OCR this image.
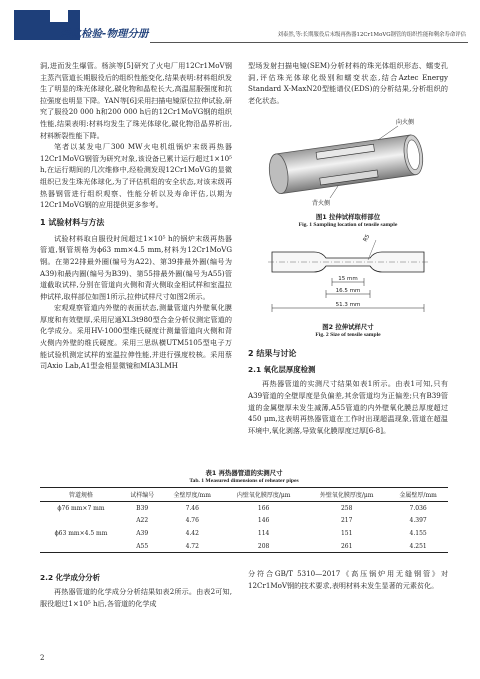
理化检验-物理分册	刘泰然,等:长期服役后末级再热器12Cr1MoVG钢管的组织性能和剩余寿命评估

洞,进而发生爆管。杨滨等[5]研究了火电厂用12Cr1MoV钢主蒸汽管道长期服役后的组织性能变化,结果表明:材料组织发生了明显的珠光体球化,碳化物和晶粒长大,高温屈服强度和抗拉强度也明显下降。YAN等[6]采用扫描电镜原位拉伸试验,研究了服役20 000 h和200 000 h后的12Cr1MoVG钢的组织性能,结果表明:材料均发生了珠光体球化,碳化物沿晶界析出,材料断裂性能下降。

笔者以某发电厂300 MW火电机组锅炉末级再热器12Cr1MoVG钢管为研究对象,该设备已累计运行超过1×10⁵ h,在运行期间的几次维修中,经检测发现12Cr1MoVG的显微组织已发生珠光体球化,为了评估机组的安全状态,对该末级再热器钢管进行组织观察、性能分析以及寿命评估,以期为12Cr1MoVG钢的应用提供更多参考。

1 试验材料与方法

试验材料取自服役时间超过1×10⁵ h的锅炉末级再热器管道,钢管规格为ϕ63 mm×4.5 mm,材料为12Cr1MoVG钢。在第22排最外圈(编号为A22)、第39排最外圈(编号为A39)和最内圈(编号为B39)、第55排最外圈(编号为A55)管道截取试样,分别在管道向火侧和背火侧取金相试样和室温拉伸试样,取样部位如图1所示,拉伸试样尺寸如图2所示。

宏观观察管道内外壁的表面状态,测量管道内外壁氧化膜厚度和有效壁厚,采用尼通XL3t980型合金分析仪测定管道的化学成分。采用HV-1000型维氏硬度计测量管道向火侧和背火侧内外壁的维氏硬度。采用三思纵横UTM5105型电子万能试验机测定试样的室温拉伸性能,并进行强度校核。采用蔡司Axio Lab,A1型金相显微镜和MIA3LMH

型场发射扫描电镜(SEM)分析材料的珠光体组织形态、蠕变孔洞,评估珠光体球化级别和蠕变状态,结合Aztec Energy Standard X-MaxN20型能谱仪(EDS)的分析结果,分析组织的老化状态。

向火侧
背火侧

图1 拉伸试样取样部位

Fig. 1 Sampling location of tensile sample

R5
15 mm
16.5 mm
51.3 mm

图2 拉伸试样尺寸

Fig. 2 Size of tensile sample

2 结果与讨论
2.1 氧化层厚度检测

再热器管道的实测尺寸结果如表1所示。由表1可知,只有A39管道的全壁厚度是负偏差,其余管道均为正偏差;只有B39管道的金属壁厚未发生减薄,A55管道的内外壁氧化膜总厚度超过450 μm,这表明再热器管道在工作时出现超温现象,管道在超温环境中,氧化剥落,导致氧化膜厚度过厚[6-8]。

表1 再热器管道的实测尺寸

Tab. 1 Measured dimensions of reheater pipes

管道规格	试样编号	全壁厚度/mm	内壁氧化膜厚度/μm	外壁氧化膜厚度/μm	金属壁厚/mm
ϕ76 mm×7 mm	B39	7.46	166	258	7.036
	A22	4.76	146	217	4.397
ϕ63 mm×4.5 mm	A39	4.42	114	151	4.155
	A55	4.72	208	261	4.251
2.2 化学成分分析

再热器管道的化学成分分析结果如表2所示。由表2可知,服役超过1×10⁵ h后,各管道的化学成

分符合GB/T 5310—2017《高压锅炉用无缝钢管》对12Cr1MoV钢的技术要求,表明材料未发生显著的元素贫化。

2
